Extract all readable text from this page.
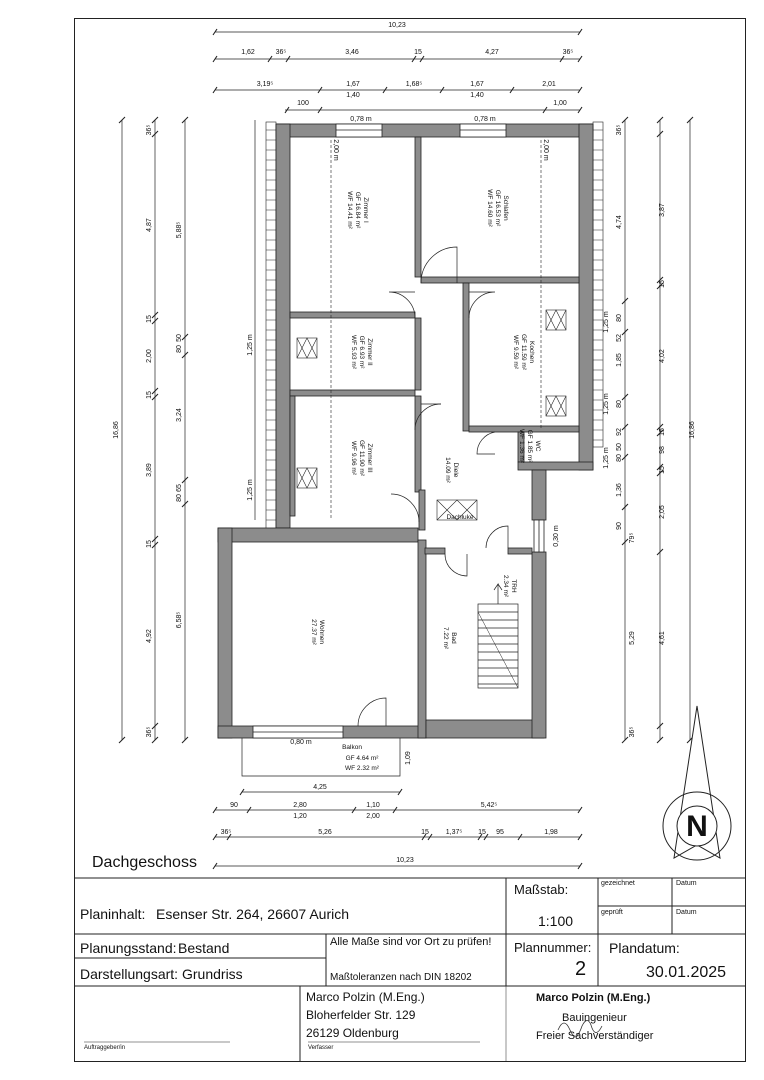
N
10,23
1,62	36⁵	3,46	15	4,27	36⁵
3,19⁵	1,67	1,68⁵	1,67	2,01
1,40	1,40
100	1,00
0,78 m	0,78 m
16,86
36⁵
4,87
15
2,00
15
3,89
15
4,92
36⁵
5,88⁵
50
80
3,24
65
80
6,58⁵
1,25 m
1,25 m
16,86
36⁵
4,74
80
1,25 m
52
1,85
80
1,25 m
92
50
80
1,25 m
1,36
90
79⁵
5,29
36⁵
3,87
15
4,02
15
98
15
2,05
4,61
2,00 m	2,00 m
0,30 m
1,09
0,80 m
4,25
90	2,80	1,10	5,42⁵
1,20	2,00
36⁵	5,26	15 1,37⁵ 15 95	1,98
10,23
Zimmer I
GF 16.84 m²
WF 14.41 m²	Schlafen
GF 16.53 m²
WF 14.60 m²
Zimmer II
GF 6.93 m²
WF 5.93 m²	Kochen
GF 11.59 m²
WF 9.59 m²
Zimmer III
GF 11.90 m²
WF 9.96 m²	Diele
14.09 m²
WC
GF 1.85 m²
WF 1.36 m²
Wohnen
27.37 m²	Bad
7.22 m²
TRH
2.34 m²
Dachluke
Balkon
GF 4.64 m²
WF 2.32 m²
Dachgeschoss
Planinhalt: Esenser Str. 264, 26607 Aurich
Maßstab:
1:100
gezeichnet	Datum
geprüft	Datum
Planungsstand: Bestand
Darstellungsart: Grundriss
Alle Maße sind vor Ort zu prüfen!
Maßtoleranzen nach DIN 18202
Plannummer:
2
Plandatum:
30.01.2025
Marco Polzin (M.Eng.)
Bloherfelder Str. 129
26129 Oldenburg
Verfasser
Auftraggeber/in
Marco Polzin (M.Eng.)
Bauingenieur
Freier Sachverständiger
